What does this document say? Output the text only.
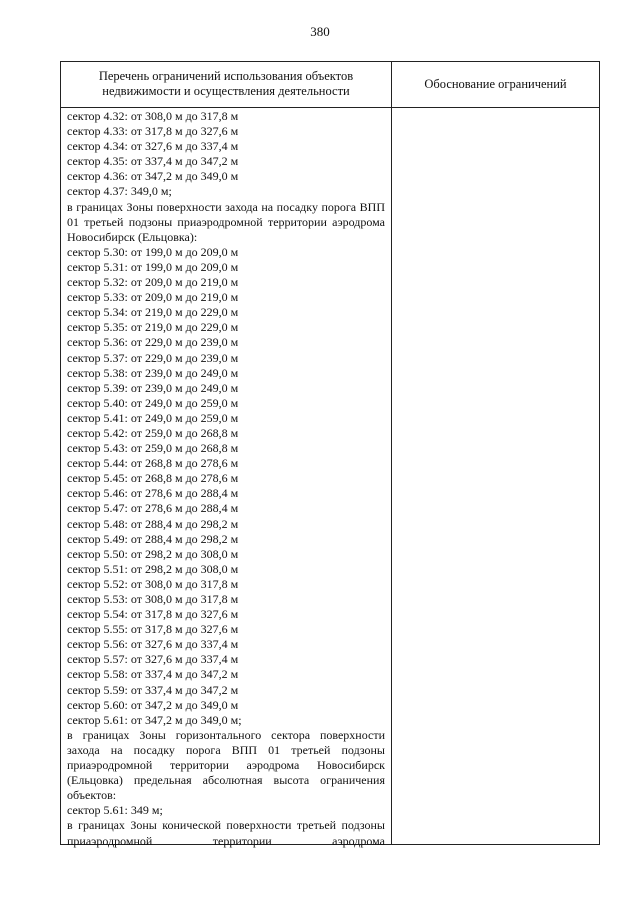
380
Перечень ограничений использования объектов
недвижимости и осуществления деятельности	Обоснование ограничений
сектор 4.32: от 308,0 м до 317,8 м
сектор 4.33: от 317,8 м до 327,6 м
сектор 4.34: от 327,6 м до 337,4 м
сектор 4.35: от 337,4 м до 347,2 м
сектор 4.36: от 347,2 м до 349,0 м
сектор 4.37: 349,0 м;
в границах Зоны поверхности захода на посадку порога ВПП 01 третьей подзоны приаэродромной территории аэродрома Новосибирск (Ельцовка):
сектор 5.30: от 199,0 м до 209,0 м
сектор 5.31: от 199,0 м до 209,0 м
сектор 5.32: от 209,0 м до 219,0 м
сектор 5.33: от 209,0 м до 219,0 м
сектор 5.34: от 219,0 м до 229,0 м
сектор 5.35: от 219,0 м до 229,0 м
сектор 5.36: от 229,0 м до 239,0 м
сектор 5.37: от 229,0 м до 239,0 м
сектор 5.38: от 239,0 м до 249,0 м
сектор 5.39: от 239,0 м до 249,0 м
сектор 5.40: от 249,0 м до 259,0 м
сектор 5.41: от 249,0 м до 259,0 м
сектор 5.42: от 259,0 м до 268,8 м
сектор 5.43: от 259,0 м до 268,8 м
сектор 5.44: от 268,8 м до 278,6 м
сектор 5.45: от 268,8 м до 278,6 м
сектор 5.46: от 278,6 м до 288,4 м
сектор 5.47: от 278,6 м до 288,4 м
сектор 5.48: от 288,4 м до 298,2 м
сектор 5.49: от 288,4 м до 298,2 м
сектор 5.50: от 298,2 м до 308,0 м
сектор 5.51: от 298,2 м до 308,0 м
сектор 5.52: от 308,0 м до 317,8 м
сектор 5.53: от 308,0 м до 317,8 м
сектор 5.54: от 317,8 м до 327,6 м
сектор 5.55: от 317,8 м до 327,6 м
сектор 5.56: от 327,6 м до 337,4 м
сектор 5.57: от 327,6 м до 337,4 м
сектор 5.58: от 337,4 м до 347,2 м
сектор 5.59: от 337,4 м до 347,2 м
сектор 5.60: от 347,2 м до 349,0 м
сектор 5.61: от 347,2 м до 349,0 м;
в границах Зоны горизонтального сектора поверхности захода на посадку порога ВПП 01 третьей подзоны приаэродромной территории аэродрома Новосибирск (Ельцовка) предельная абсолютная высота ограничения объектов:
сектор 5.61: 349 м;
в границах Зоны конической поверхности третьей подзоны приаэродромной территории аэродрома
